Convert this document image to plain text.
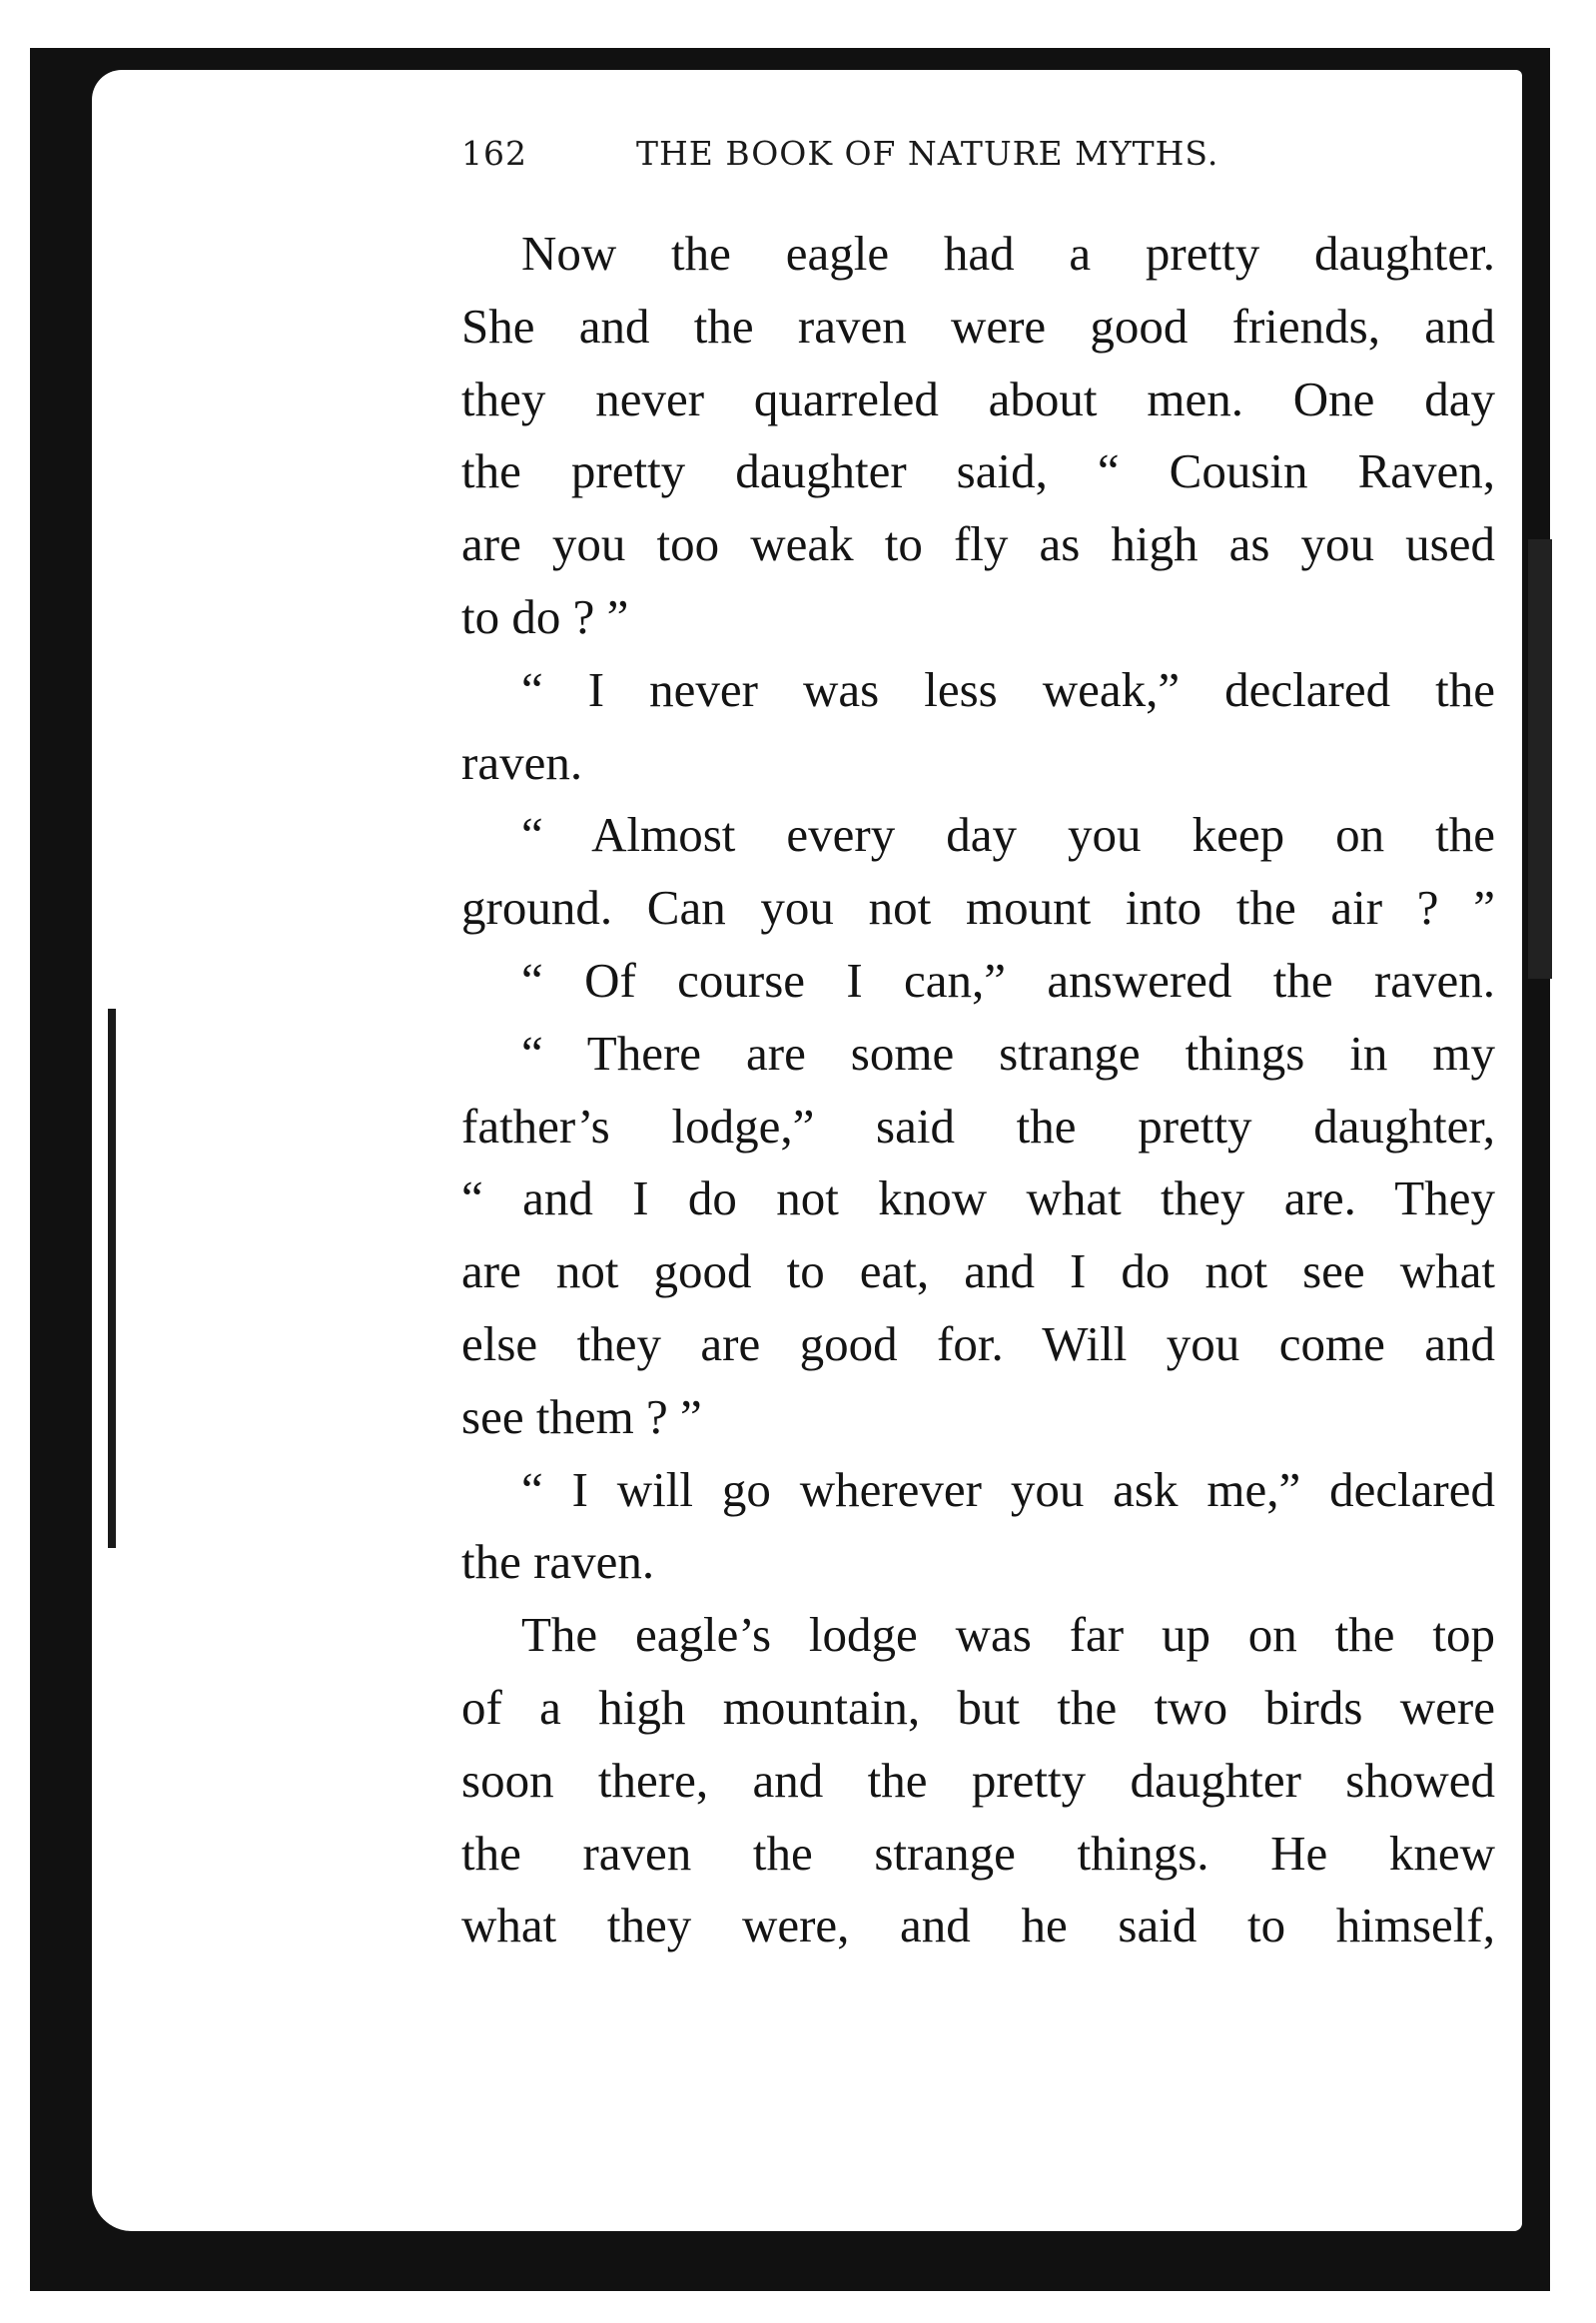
162	THE BOOK OF NATURE MYTHS.
Now the eagle had a pretty daughter.
She and the raven were good friends, and
they never quarreled about men. One day
the pretty daughter said, “ Cousin Raven,
are you too weak to fly as high as you used
to do ? ”
“ I never was less weak,” declared the
raven.
“ Almost every day you keep on the
ground. Can you not mount into the air ? ”
“ Of course I can,” answered the raven.
“ There are some strange things in my
father’s lodge,” said the pretty daughter,
“ and I do not know what they are. They
are not good to eat, and I do not see what
else they are good for. Will you come and
see them ? ”
“ I will go wherever you ask me,” declared
the raven.
The eagle’s lodge was far up on the top
of a high mountain, but the two birds were
soon there, and the pretty daughter showed
the raven the strange things. He knew
what they were, and he said to himself,
